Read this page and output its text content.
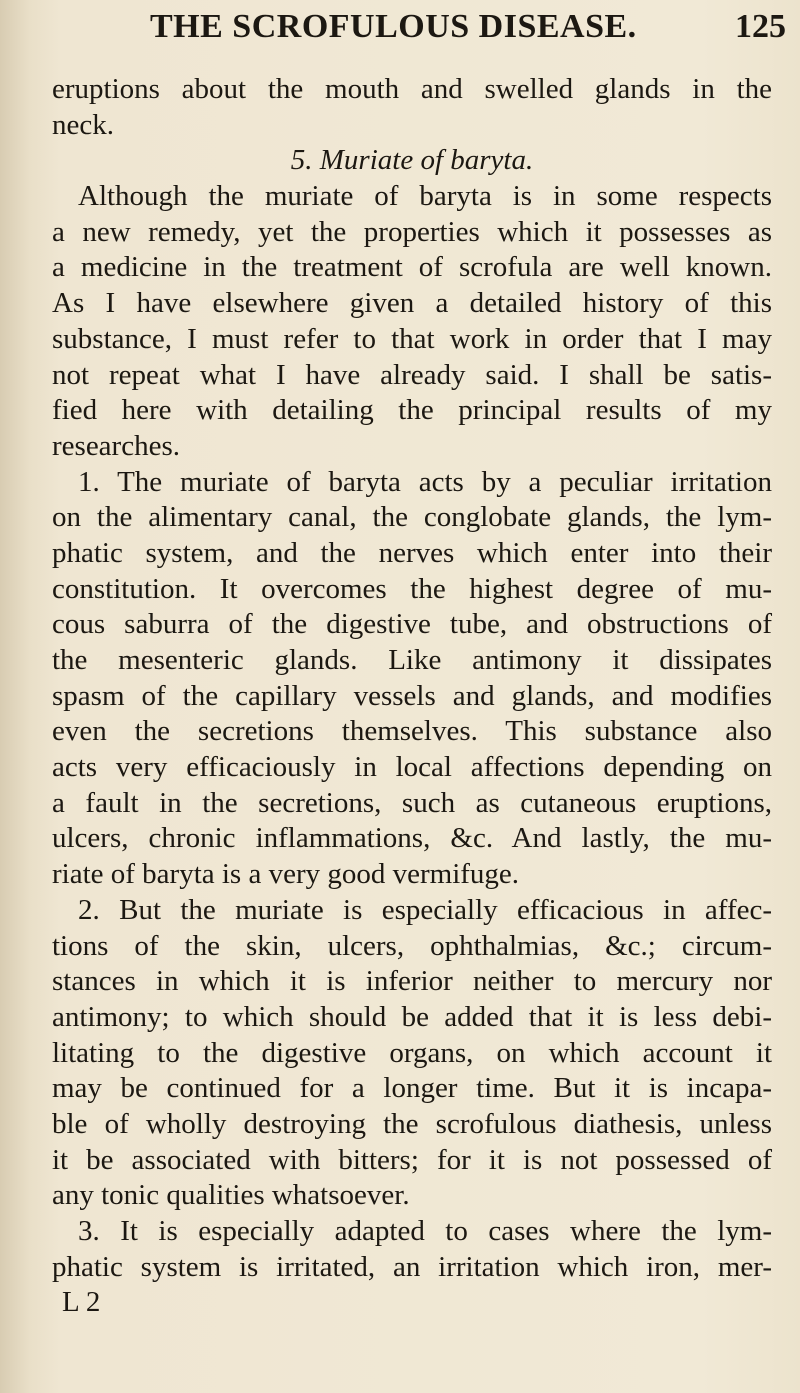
THE SCROFULOUS DISEASE.	125
eruptions about the mouth and swelled glands in the
neck.
5. Muriate of baryta.
Although the muriate of baryta is in some respects
a new remedy, yet the properties which it possesses as
a medicine in the treatment of scrofula are well known.
As I have elsewhere given a detailed history of this
substance, I must refer to that work in order that I may
not repeat what I have already said. I shall be satis-
fied here with detailing the principal results of my
researches.
1. The muriate of baryta acts by a peculiar irritation
on the alimentary canal, the conglobate glands, the lym-
phatic system, and the nerves which enter into their
constitution. It overcomes the highest degree of mu-
cous saburra of the digestive tube, and obstructions of
the mesenteric glands. Like antimony it dissipates
spasm of the capillary vessels and glands, and modifies
even the secretions themselves. This substance also
acts very efficaciously in local affections depending on
a fault in the secretions, such as cutaneous eruptions,
ulcers, chronic inflammations, &c. And lastly, the mu-
riate of baryta is a very good vermifuge.
2. But the muriate is especially efficacious in affec-
tions of the skin, ulcers, ophthalmias, &c.; circum-
stances in which it is inferior neither to mercury nor
antimony; to which should be added that it is less debi-
litating to the digestive organs, on which account it
may be continued for a longer time. But it is incapa-
ble of wholly destroying the scrofulous diathesis, unless
it be associated with bitters; for it is not possessed of
any tonic qualities whatsoever.
3. It is especially adapted to cases where the lym-
phatic system is irritated, an irritation which iron, mer-
L 2
